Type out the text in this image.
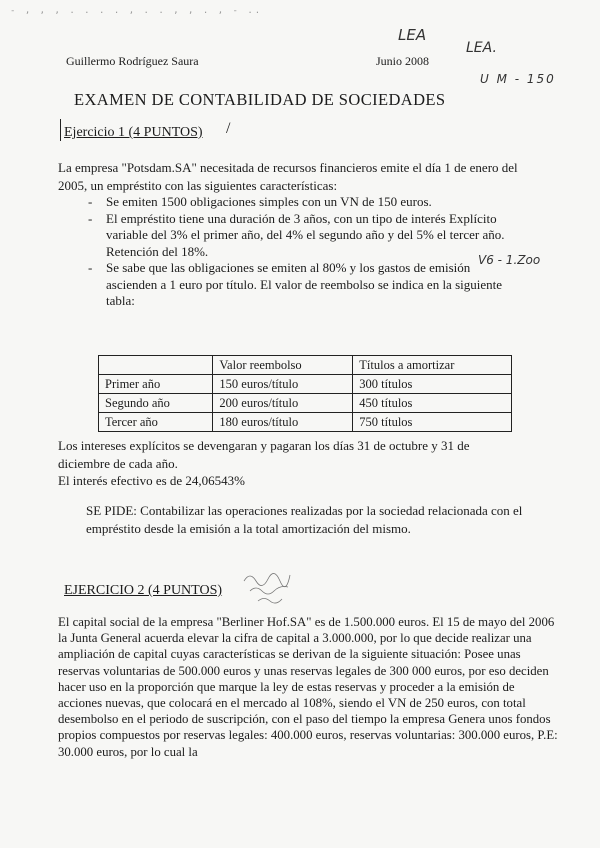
- , , , . . . . , . . , , . , - ..
LEA
LEA.
U M - 150
V6 - 1.Zoo
Guillermo Rodríguez Saura	Junio 2008
EXAMEN DE CONTABILIDAD DE SOCIEDADES
Ejercicio 1 (4 PUNTOS) /
La empresa "Potsdam.SA" necesitada de recursos financieros emite el día 1 de enero del 2005, un empréstito con las siguientes características:
- Se emiten 1500 obligaciones simples con un VN de 150 euros.
- El empréstito tiene una duración de 3 años, con un tipo de interés Explícito variable del 3% el primer año, del 4% el segundo año y del 5% el tercer año. Retención del 18%.
- Se sabe que las obligaciones se emiten al 80% y los gastos de emisión ascienden a 1 euro por título. El valor de reembolso se indica en la siguiente tabla:
	Valor reembolso	Títulos a amortizar
Primer año	150 euros/título	300 títulos
Segundo año	200 euros/título	450 títulos
Tercer año	180 euros/título	750 títulos
Los intereses explícitos se devengaran y pagaran los días 31 de octubre y 31 de diciembre de cada año.
El interés efectivo es de 24,06543%
SE PIDE: Contabilizar las operaciones realizadas por la sociedad relacionada con el empréstito desde la emisión a la total amortización del mismo.
EJERCICIO 2 (4 PUNTOS)
El capital social de la empresa "Berliner Hof.SA" es de 1.500.000 euros. El 15 de mayo del 2006 la Junta General acuerda elevar la cifra de capital a 3.000.000, por lo que decide realizar una ampliación de capital cuyas características se derivan de la siguiente situación: Posee unas reservas voluntarias de 500.000 euros y unas reservas legales de 300 000 euros, por eso deciden hacer uso en la proporción que marque la ley de estas reservas y proceder a la emisión de acciones nuevas, que colocará en el mercado al 108%, siendo el VN de 250 euros, con total desembolso en el periodo de suscripción, con el paso del tiempo la empresa Genera unos fondos propios compuestos por reservas legales: 400.000 euros, reservas voluntarias: 300.000 euros, P.E: 30.000 euros, por lo cual la
